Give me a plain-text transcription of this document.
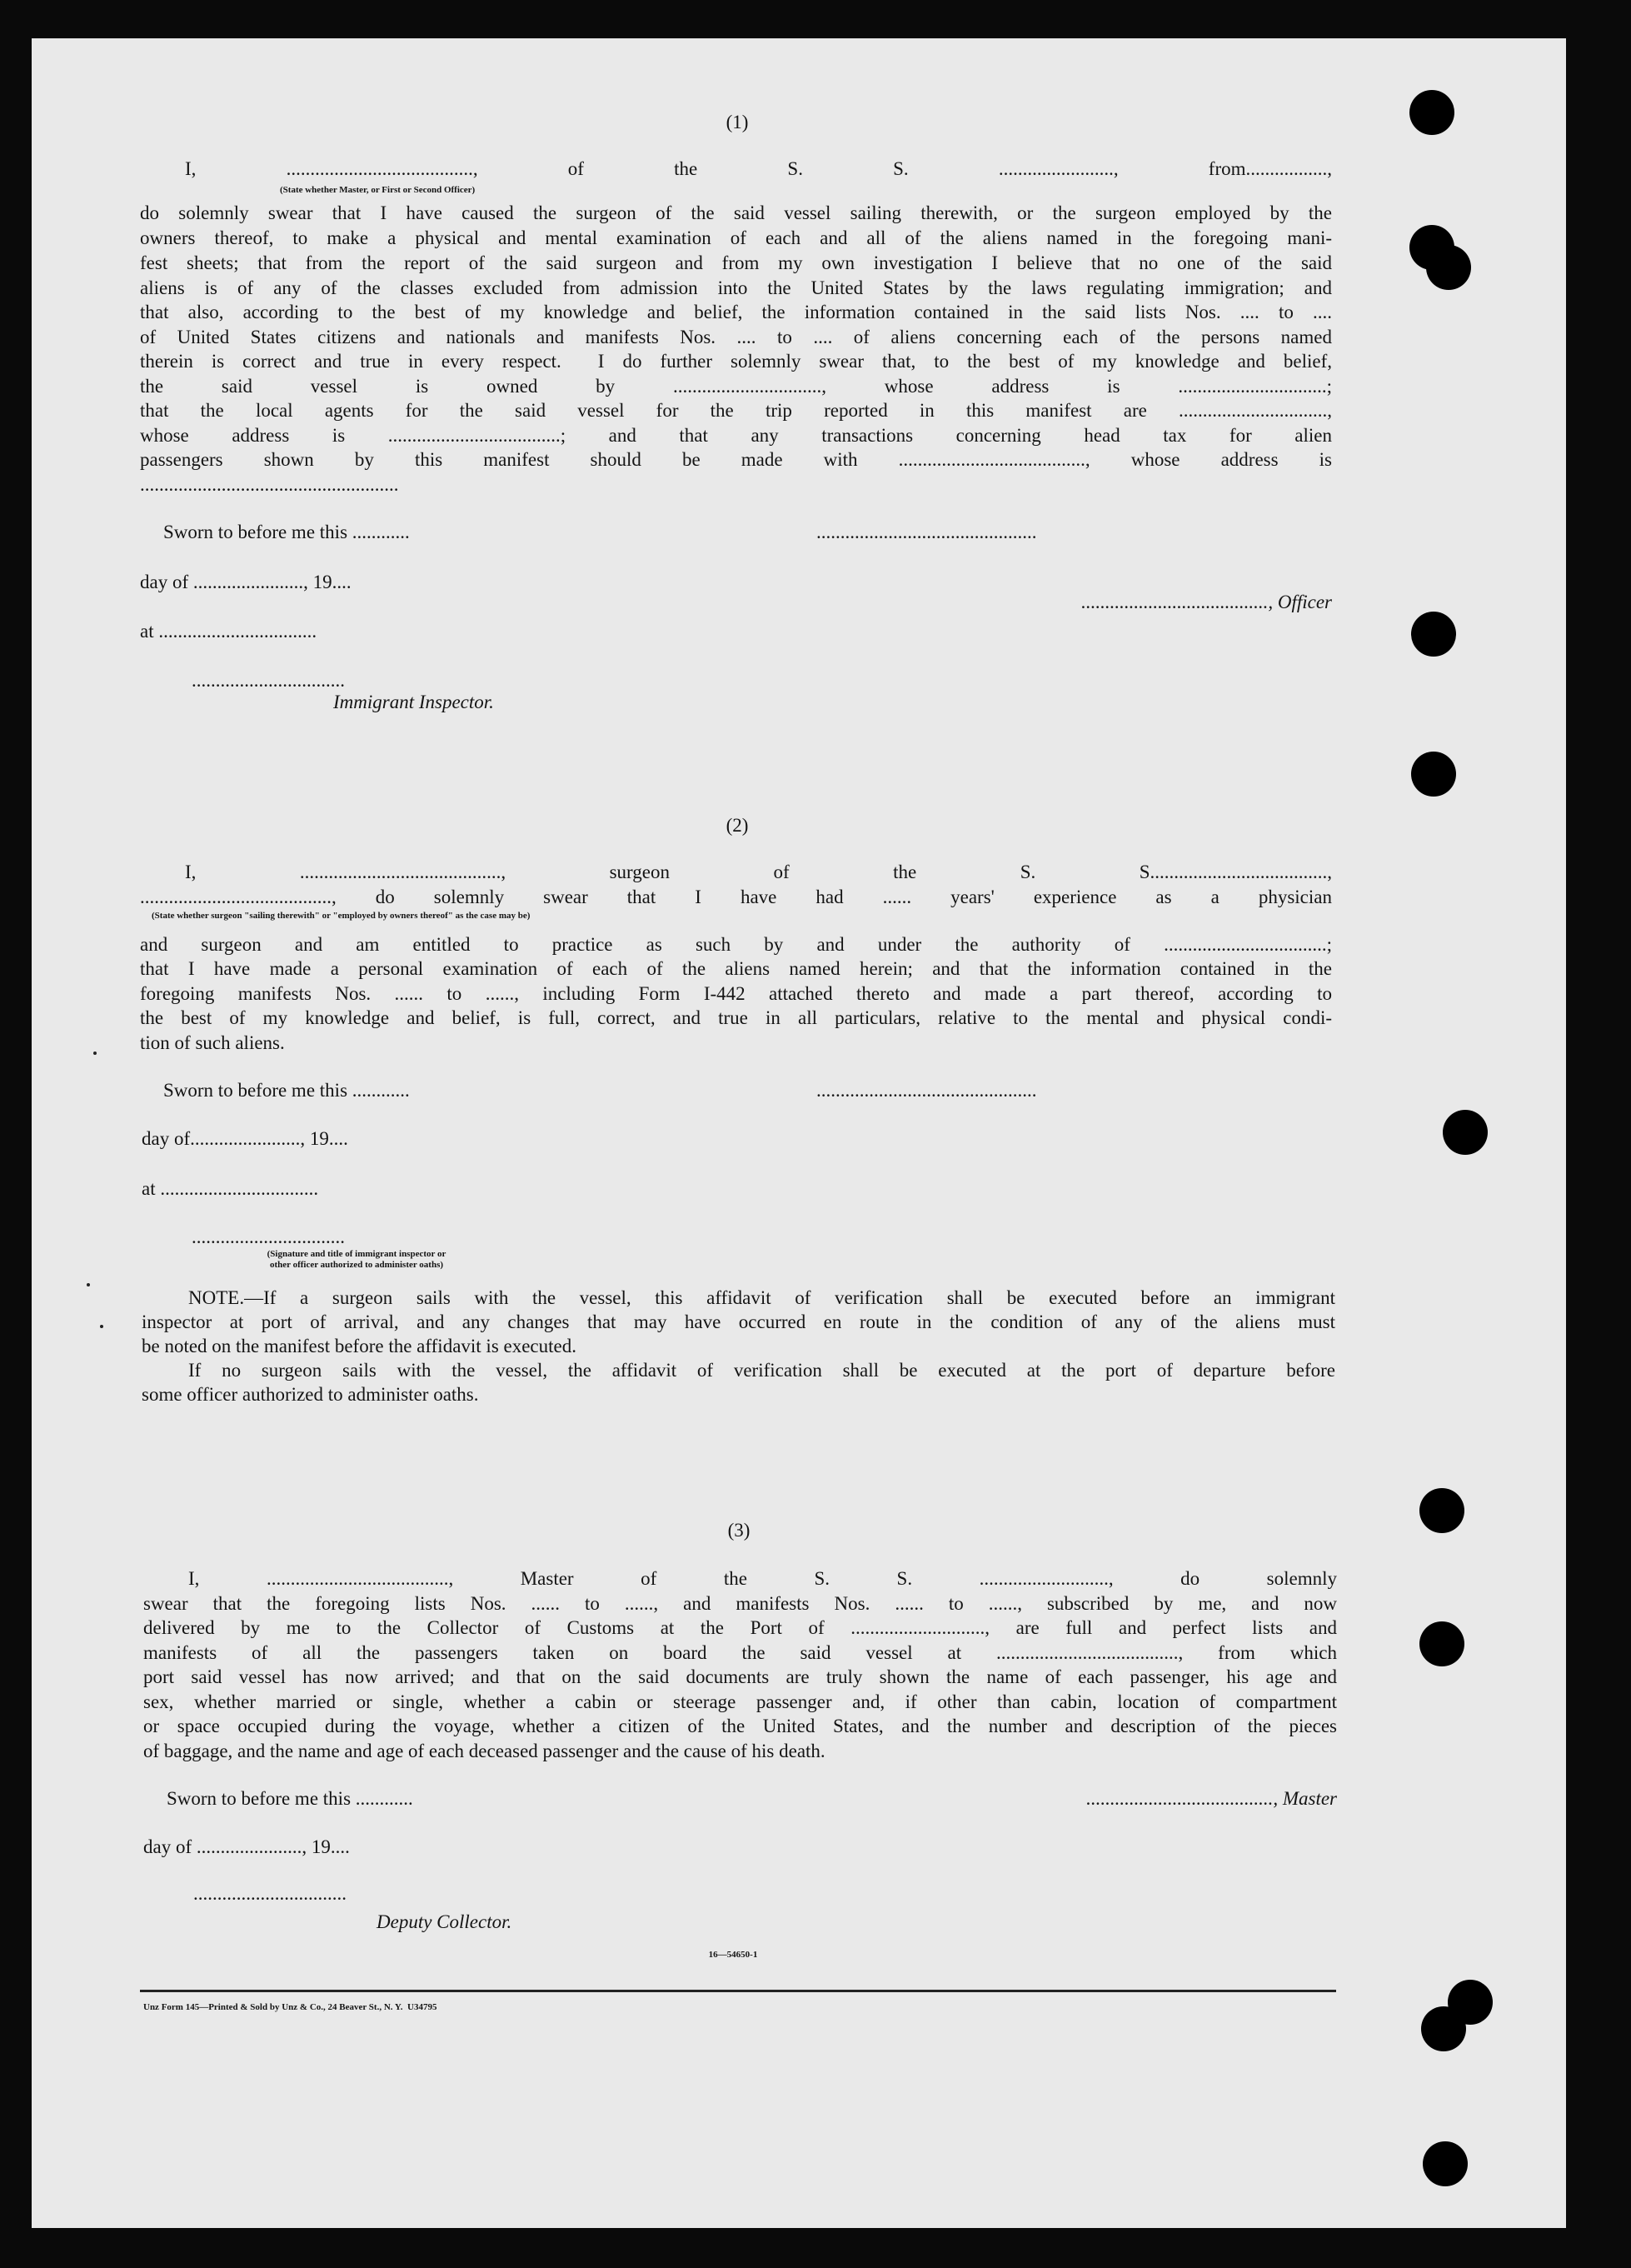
(1)
I, ......................................., of the S. S. ........................, from.................,
(State whether Master, or First or Second Officer)
do solemnly swear that I have caused the surgeon of the said vessel sailing therewith, or the surgeon employed by the
owners thereof, to make a physical and mental examination of each and all of the aliens named in the foregoing mani-
fest sheets; that from the report of the said surgeon and from my own investigation I believe that no one of the said
aliens is of any of the classes excluded from admission into the United States by the laws regulating immigration; and
that also, according to the best of my knowledge and belief, the information contained in the said lists Nos. .... to ....
of United States citizens and nationals and manifests Nos. .... to .... of aliens concerning each of the persons named
therein is correct and true in every respect.  I do further solemnly swear that, to the best of my knowledge and belief,
the said vessel is owned by ..............................., whose address is ...............................;
that the local agents for the said vessel for the trip reported in this manifest are ...............................,
whose address is ....................................; and that any transactions concerning head tax for alien
passengers shown by this manifest should be made with ......................................., whose address is
......................................................
Sworn to before me this ............	..............................................
day of ......................., 19....
......................................., Officer
at .................................
................................
Immigrant Inspector.
(2)
I, .........................................., surgeon of the S. S.....................................,
........................................, do solemnly swear that I have had ...... years' experience as a physician
(State whether surgeon "sailing therewith" or "employed by owners thereof" as the case may be)
and surgeon and am entitled to practice as such by and under the authority of ..................................;
that I have made a personal examination of each of the aliens named herein; and that the information contained in the
foregoing manifests Nos. ...... to ......, including Form I-442 attached thereto and made a part thereof, according to
the best of my knowledge and belief, is full, correct, and true in all particulars, relative to the mental and physical condi-
tion of such aliens.
Sworn to before me this ............	..............................................
day of......................., 19....
at .................................
................................
(Signature and title of immigrant inspector or
other officer authorized to administer oaths)
NOTE.—If a surgeon sails with the vessel, this affidavit of verification shall be executed before an immigrant
inspector at port of arrival, and any changes that may have occurred en route in the condition of any of the aliens must
be noted on the manifest before the affidavit is executed.
If no surgeon sails with the vessel, the affidavit of verification shall be executed at the port of departure before
some officer authorized to administer oaths.
(3)
I, ......................................, Master of the S. S. ..........................., do solemnly
swear that the foregoing lists Nos. ...... to ......, and manifests Nos. ...... to ......, subscribed by me, and now
delivered by me to the Collector of Customs at the Port of ............................, are full and perfect lists and
manifests of all the passengers taken on board the said vessel at ......................................, from which
port said vessel has now arrived; and that on the said documents are truly shown the name of each passenger, his age and
sex, whether married or single, whether a cabin or steerage passenger and, if other than cabin, location of compartment
or space occupied during the voyage, whether a citizen of the United States, and the number and description of the pieces
of baggage, and the name and age of each deceased passenger and the cause of his death.
Sworn to before me this ............	......................................., Master
day of ......................, 19....
................................
Deputy Collector.
16—54650-1
Unz Form 145—Printed & Sold by Unz & Co., 24 Beaver St., N. Y.  U34795
